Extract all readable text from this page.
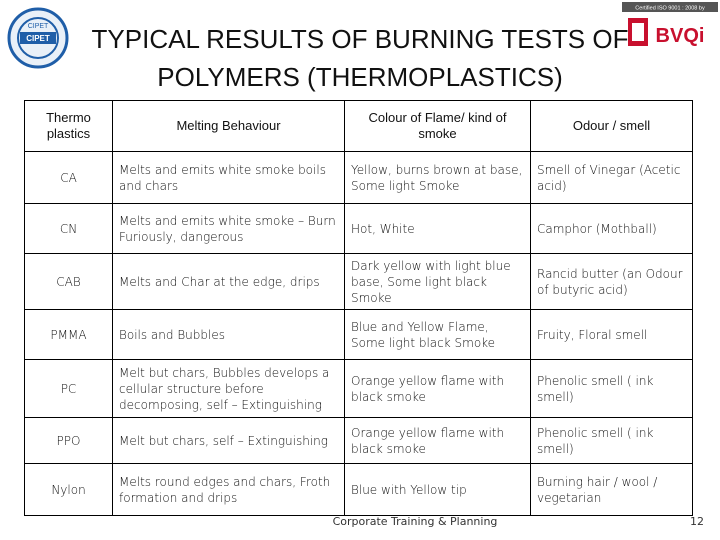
CIPET
CIPET
Certified ISO 9001 : 2008 by
BVQi
TYPICAL RESULTS OF BURNING TESTS OF POLYMERS (THERMOPLASTICS)
Thermo plastics	Melting Behaviour	Colour of Flame/ kind of smoke	Odour / smell
CA	Melts and emits white smoke boils and chars	Yellow, burns brown at base, Some light Smoke	Smell of Vinegar (Acetic acid)
CN	Melts and emits white smoke – Burn Furiously, dangerous	Hot, White	Camphor (Mothball)
CAB	Melts and Char at the edge, drips	Dark yellow with light blue base, Some light black Smoke	Rancid butter (an Odour of butyric acid)
PMMA	Boils and Bubbles	Blue and Yellow Flame, Some light black Smoke	Fruity, Floral smell
PC	Melt but chars, Bubbles develops a cellular structure before decomposing, self – Extinguishing	Orange yellow flame with black smoke	Phenolic smell ( ink smell)
PPO	Melt but chars, self – Extinguishing	Orange yellow flame with black smoke	Phenolic smell ( ink smell)
Nylon	Melts round edges and chars, Froth formation and drips	Blue with Yellow tip	Burning hair / wool / vegetarian
Corporate Training & Planning	12
